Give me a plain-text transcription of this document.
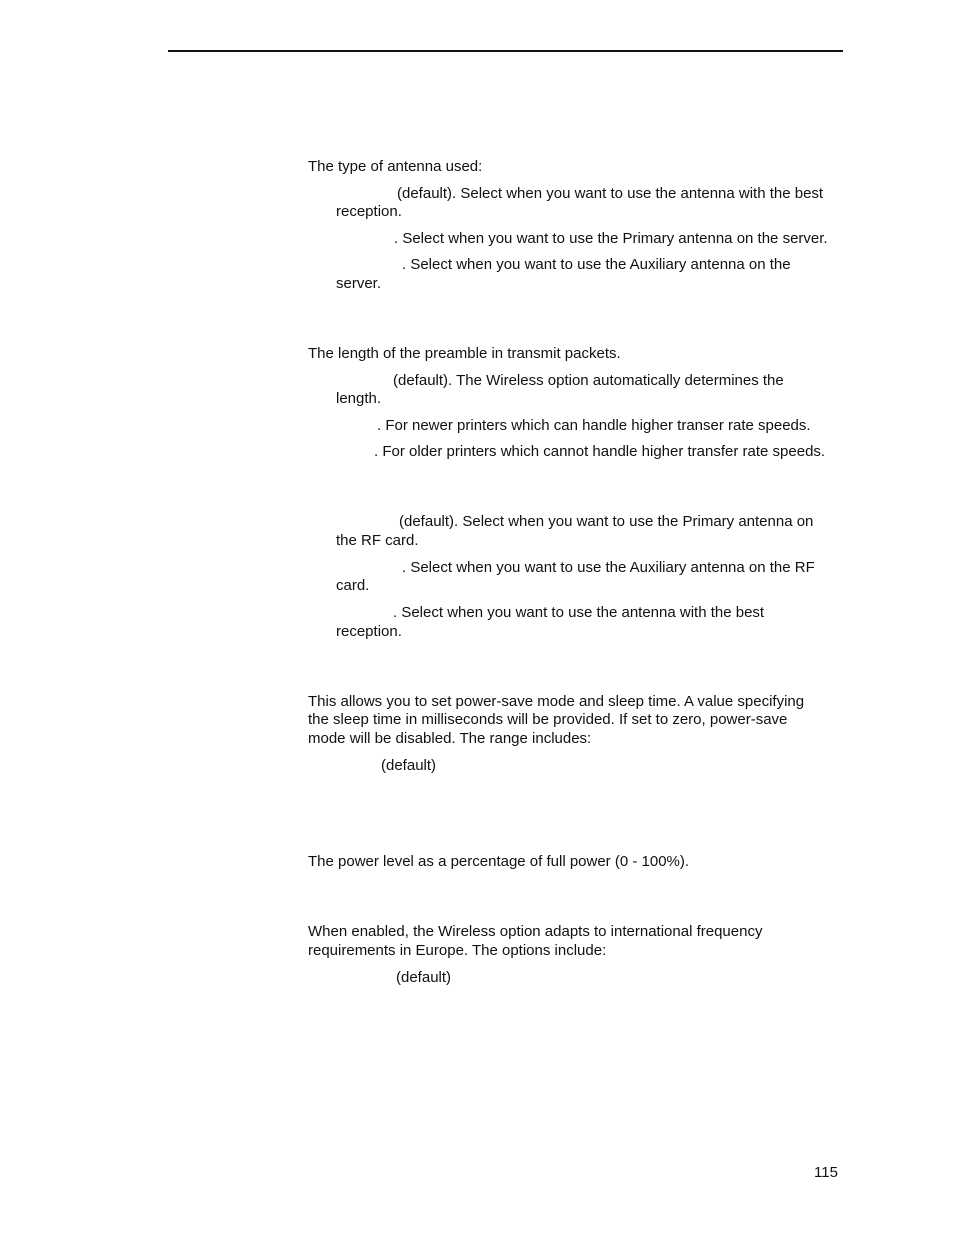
The type of antenna used:
(default). Select when you want to use the antenna with the best
reception.
. Select when you want to use the Primary antenna on the server.
. Select when you want to use the Auxiliary antenna on the
server.
The length of the preamble in transmit packets.
(default). The Wireless option automatically determines the
length.
. For newer printers which can handle higher transer rate speeds.
. For older printers which cannot handle higher transfer rate speeds.
(default). Select when you want to use the Primary antenna on
the RF card.
. Select when you want to use the Auxiliary antenna on the RF
card.
. Select when you want to use the antenna with the best
reception.
This allows you to set power-save mode and sleep time. A value specifying
the sleep time in milliseconds will be provided. If set to zero, power-save
mode will be disabled. The range includes:
(default)
The power level as a percentage of full power (0 - 100%).
When enabled, the Wireless option adapts to international frequency
requirements in Europe. The options include:
(default)
115
